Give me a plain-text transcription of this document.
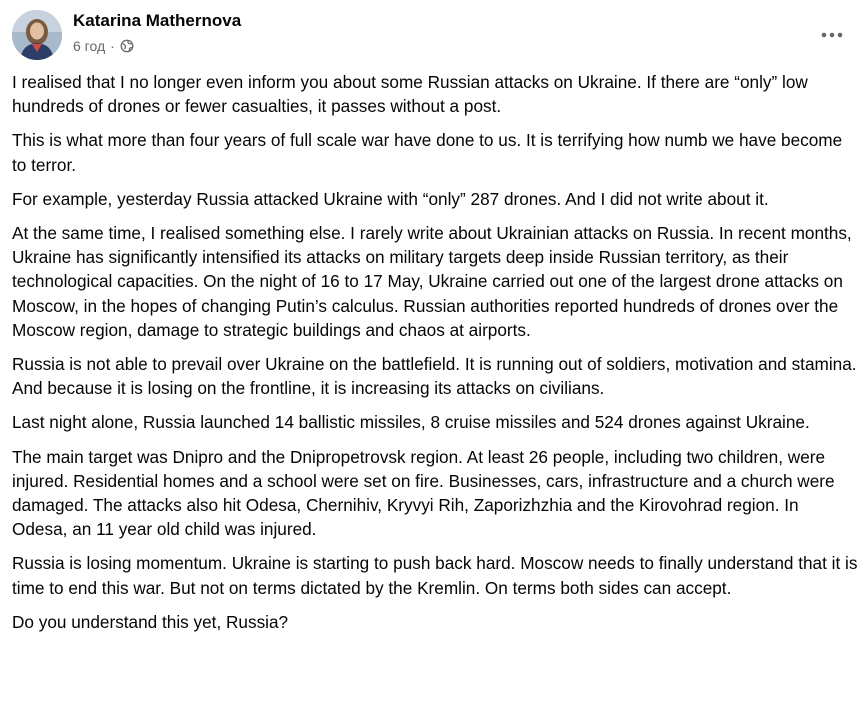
Katarina Mathernova
6 год ·

I realised that I no longer even inform you about some Russian attacks on Ukraine. If there are “only” low hundreds of drones or fewer casualties, it passes without a post.

This is what more than four years of full scale war have done to us. It is terrifying how numb we have become to terror.

For example, yesterday Russia attacked Ukraine with “only” 287 drones. And I did not write about it.

At the same time, I realised something else. I rarely write about Ukrainian attacks on Russia. In recent months, Ukraine has significantly intensified its attacks on military targets deep inside Russian territory, as their technological capacities. On the night of 16 to 17 May, Ukraine carried out one of the largest drone attacks on Moscow, in the hopes of changing Putin’s calculus. Russian authorities reported hundreds of drones over the Moscow region, damage to strategic buildings and chaos at airports.

Russia is not able to prevail over Ukraine on the battlefield. It is running out of soldiers, motivation and stamina. And because it is losing on the frontline, it is increasing its attacks on civilians.

Last night alone, Russia launched 14 ballistic missiles, 8 cruise missiles and 524 drones against Ukraine.

The main target was Dnipro and the Dnipropetrovsk region. At least 26 people, including two children, were injured. Residential homes and a school were set on fire. Businesses, cars, infrastructure and a church were damaged. The attacks also hit Odesa, Chernihiv, Kryvyi Rih, Zaporizhzhia and the Kirovohrad region. In Odesa, an 11 year old child was injured.

Russia is losing momentum. Ukraine is starting to push back hard. Moscow needs to finally understand that it is time to end this war. But not on terms dictated by the Kremlin. On terms both sides can accept.

Do you understand this yet, Russia?
